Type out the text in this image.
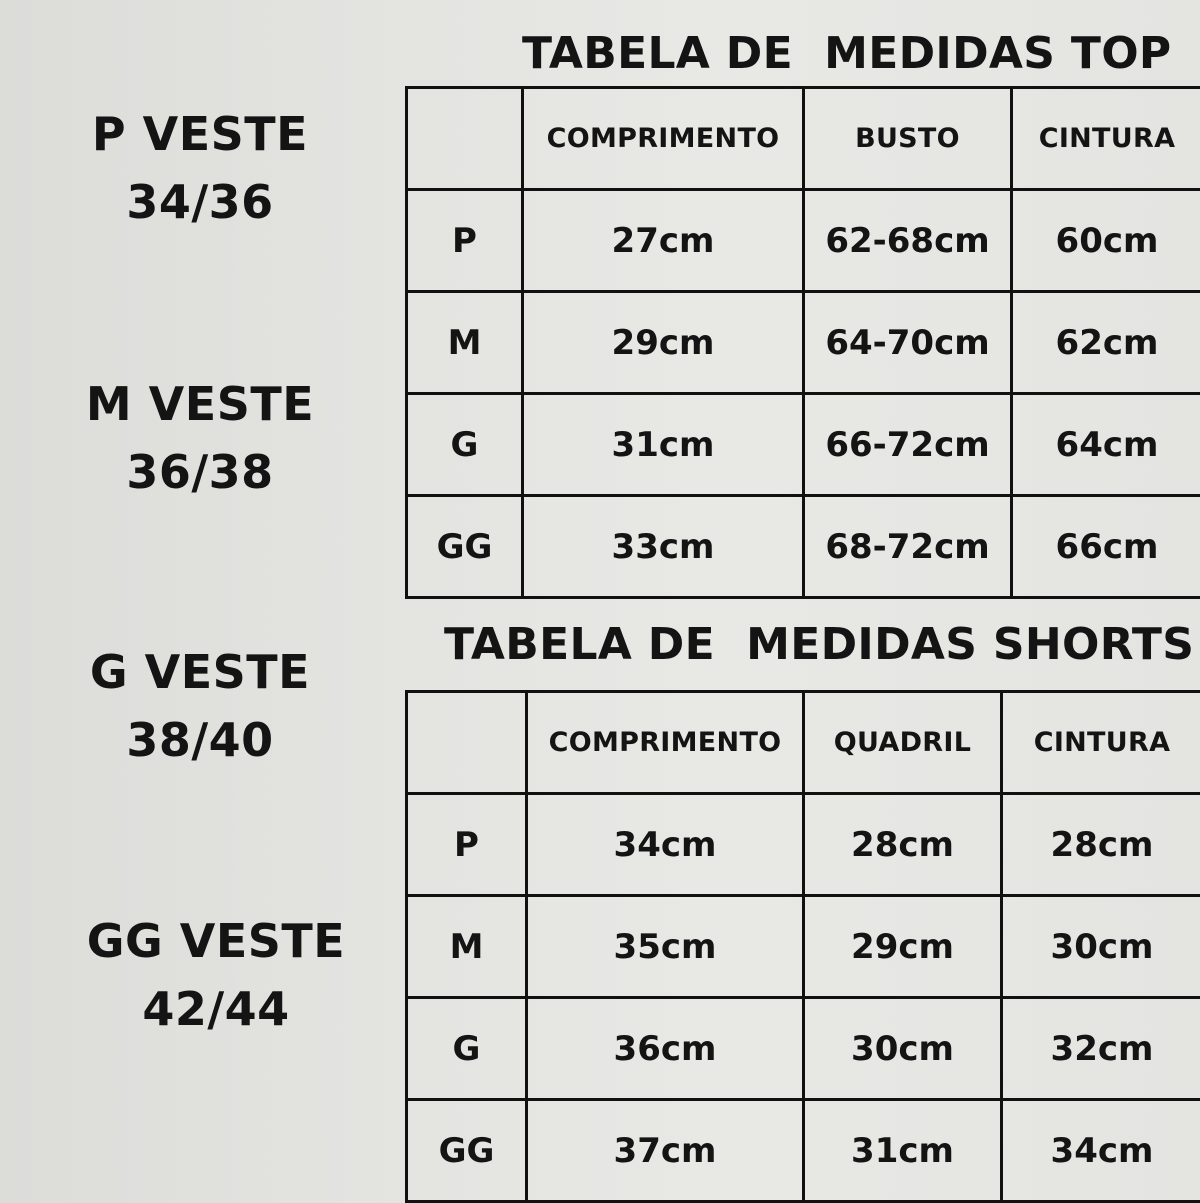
P VESTE
34/36
M VESTE
36/38
G VESTE
38/40
GG VESTE
42/44
TABELA DE  MEDIDAS TOP
	COMPRIMENTO	BUSTO	CINTURA
P	27cm	62-68cm	60cm
M	29cm	64-70cm	62cm
G	31cm	66-72cm	64cm
GG	33cm	68-72cm	66cm
TABELA DE  MEDIDAS SHORTS
	COMPRIMENTO	QUADRIL	CINTURA
P	34cm	28cm	28cm
M	35cm	29cm	30cm
G	36cm	30cm	32cm
GG	37cm	31cm	34cm
